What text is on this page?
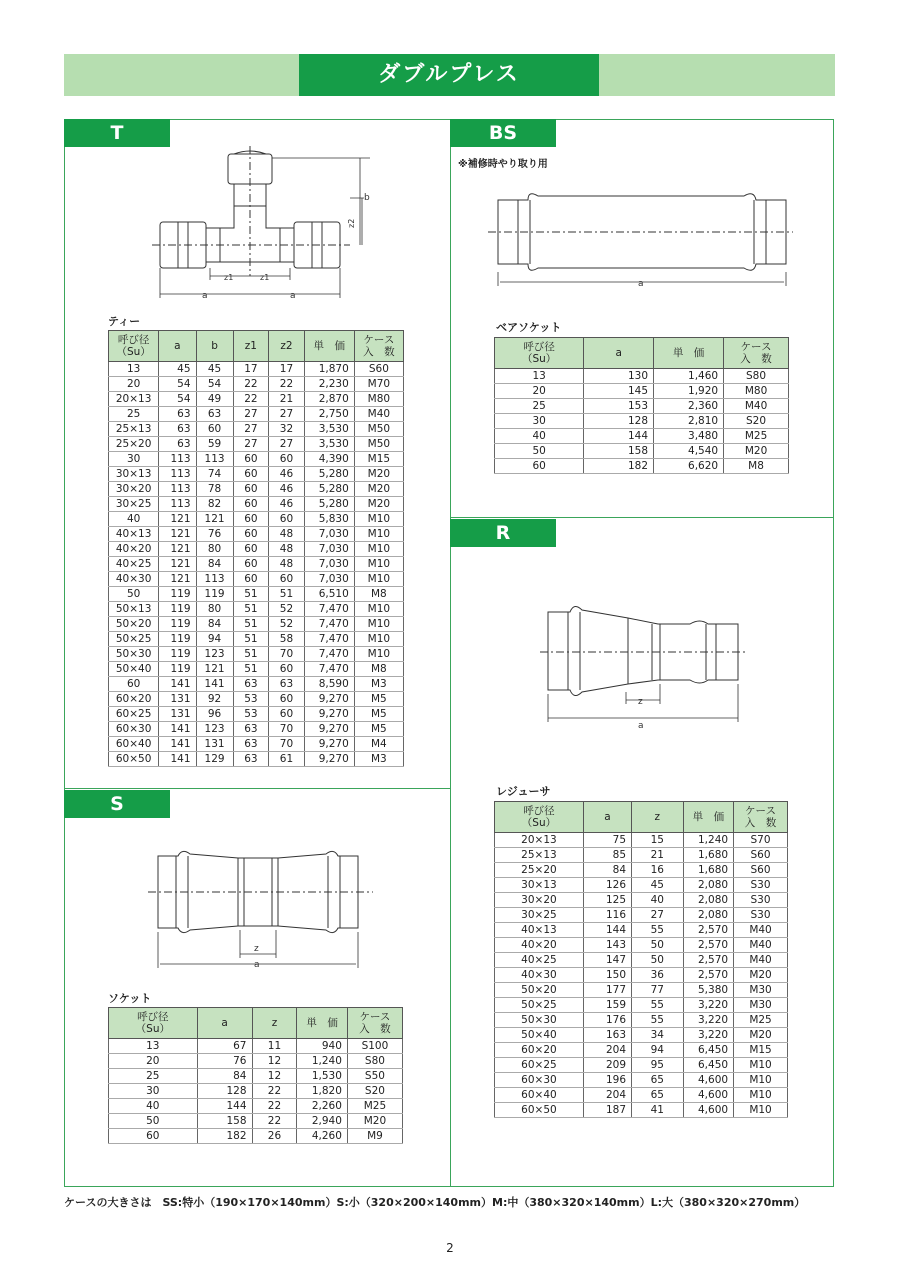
ダブルプレス
T
b
z2
z1	z1
a	a
ティー
呼び径
（Su）	a	b	z1	z2	単　価	ケース
入　数
13	45	45	17	17	1,870	S60
20	54	54	22	22	2,230	M70
20×13	54	49	22	21	2,870	M80
25	63	63	27	27	2,750	M40
25×13	63	60	27	32	3,530	M50
25×20	63	59	27	27	3,530	M50
30	113	113	60	60	4,390	M15
30×13	113	74	60	46	5,280	M20
30×20	113	78	60	46	5,280	M20
30×25	113	82	60	46	5,280	M20
40	121	121	60	60	5,830	M10
40×13	121	76	60	48	7,030	M10
40×20	121	80	60	48	7,030	M10
40×25	121	84	60	48	7,030	M10
40×30	121	113	60	60	7,030	M10
50	119	119	51	51	6,510	M8
50×13	119	80	51	52	7,470	M10
50×20	119	84	51	52	7,470	M10
50×25	119	94	51	58	7,470	M10
50×30	119	123	51	70	7,470	M10
50×40	119	121	51	60	7,470	M8
60	141	141	63	63	8,590	M3
60×20	131	92	53	60	9,270	M5
60×25	131	96	53	60	9,270	M5
60×30	141	123	63	70	9,270	M5
60×40	141	131	63	70	9,270	M4
60×50	141	129	63	61	9,270	M3
BS
※補修時やり取り用
a
ベアソケット
呼び径
（Su）	a	単　価	ケース
入　数
13	130	1,460	S80
20	145	1,920	M80
25	153	2,360	M40
30	128	2,810	S20
40	144	3,480	M25
50	158	4,540	M20
60	182	6,620	M8
R
z
a
レジューサ
呼び径
（Su）	a	z	単　価	ケース
入　数
20×13	75	15	1,240	S70
25×13	85	21	1,680	S60
25×20	84	16	1,680	S60
30×13	126	45	2,080	S30
30×20	125	40	2,080	S30
30×25	116	27	2,080	S30
40×13	144	55	2,570	M40
40×20	143	50	2,570	M40
40×25	147	50	2,570	M40
40×30	150	36	2,570	M20
50×20	177	77	5,380	M30
50×25	159	55	3,220	M30
50×30	176	55	3,220	M25
50×40	163	34	3,220	M20
60×20	204	94	6,450	M15
60×25	209	95	6,450	M10
60×30	196	65	4,600	M10
60×40	204	65	4,600	M10
60×50	187	41	4,600	M10
S
z
a
ソケット
呼び径
（Su）	a	z	単　価	ケース
入　数
13	67	11	940	S100
20	76	12	1,240	S80
25	84	12	1,530	S50
30	128	22	1,820	S20
40	144	22	2,260	M25
50	158	22	2,940	M20
60	182	26	4,260	M9
ケースの大きさは　SS:特小（190×170×140mm）S:小（320×200×140mm）M:中（380×320×140mm）L:大（380×320×270mm）
2
